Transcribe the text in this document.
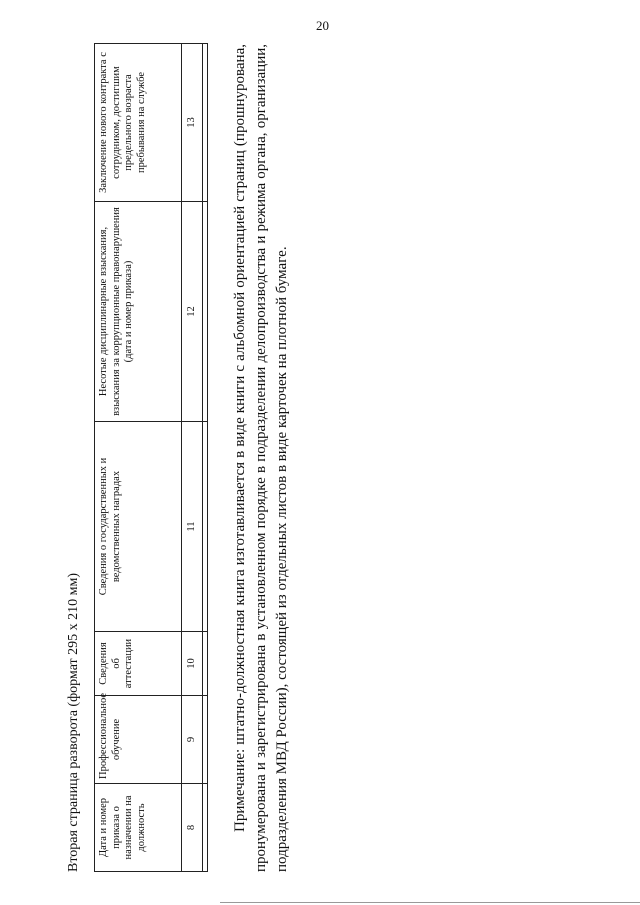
20
Вторая страница разворота (формат 295 х 210 мм) Дата и номер приказа о назначении на должность	Профессиональное обучение	Сведения об аттестации	Сведения о государственных и ведомственных наградах	Несотые дисциплинарные взыскания, взыскания за коррупционные правонарушения (дата и номер приказа)	Заключение нового контракта с сотрудником, достигшим предельного возраста пребывания на службе
8	9	10	11	12	13
					Примечание: штатно-должностная книга изготавливается в виде книги с альбомной ориентацией страниц (прошнурована, пронумерована и зарегистрирована в установленном порядке в подразделении делопроизводства и режима органа, организации, подразделения МВД России), состоящей из отдельных листов в виде карточек на плотной бумаге.
